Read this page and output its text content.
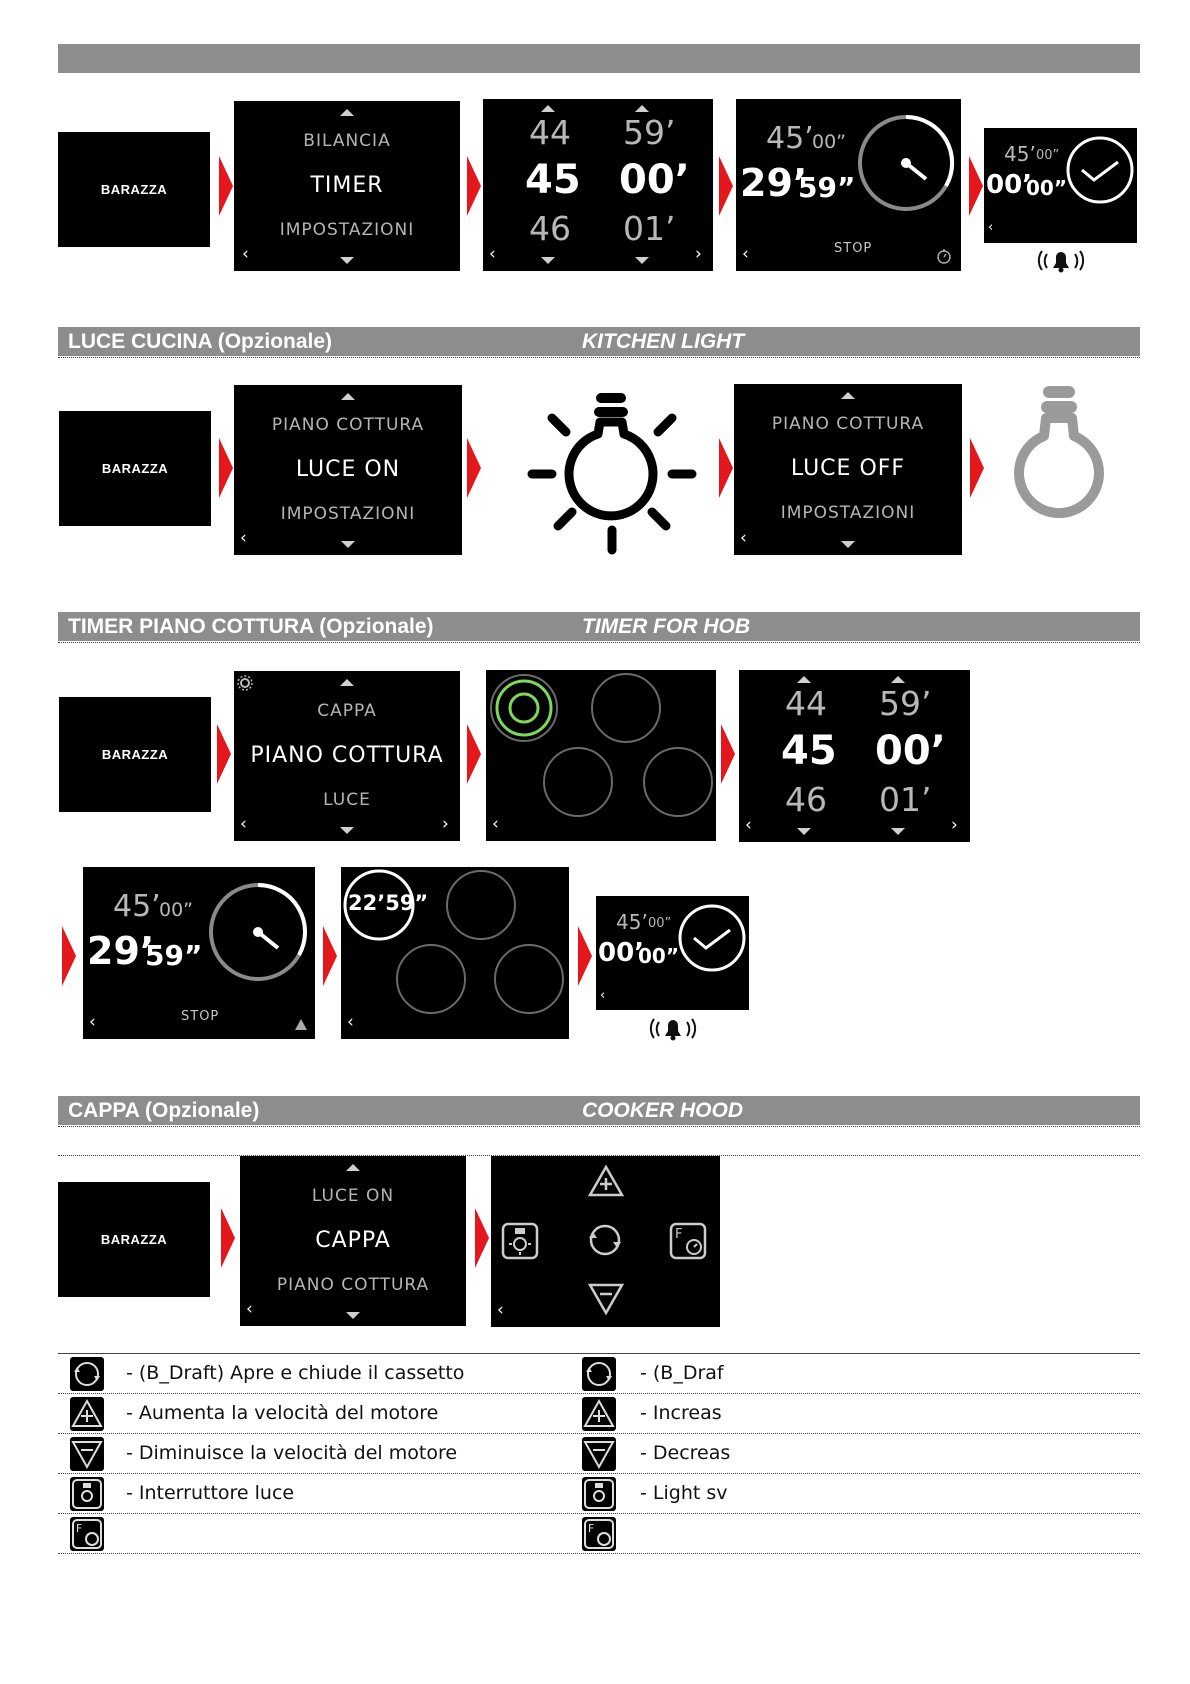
BARAZZA
BILANCIA
TIMER
IMPOSTAZIONI
‹
44 59’
45 00’
46 01’
‹	›
45’
00”
29’
59”
STOP
‹
45’ 00”
00’
00”
‹
LUCE CUCINA (Opzionale)	KITCHEN LIGHT
BARAZZA
PIANO COTTURA
LUCE ON
IMPOSTAZIONI
‹
PIANO COTTURA
LUCE OFF
IMPOSTAZIONI
‹
TIMER PIANO COTTURA (Opzionale)	TIMER FOR HOB
BARAZZA
CAPPA
PIANO COTTURA
LUCE
‹	›	‹
44 59’
45 00’
46 01’
‹	›
45’
00”
29’
59”
STOP
‹
22’59”
‹
45’ 00”
00’
00”
‹
CAPPA (Opzionale)	COOKER HOOD
BARAZZA
LUCE ON
CAPPA
PIANO COTTURA
‹
F
‹
- (B_Draft) Apre e chiude il cassetto	- (B_Draf
- Aumenta la velocità del motore	- Increas
- Diminuisce la velocità del motore	- Decreas
- Interruttore luce	- Light sv
F	F
